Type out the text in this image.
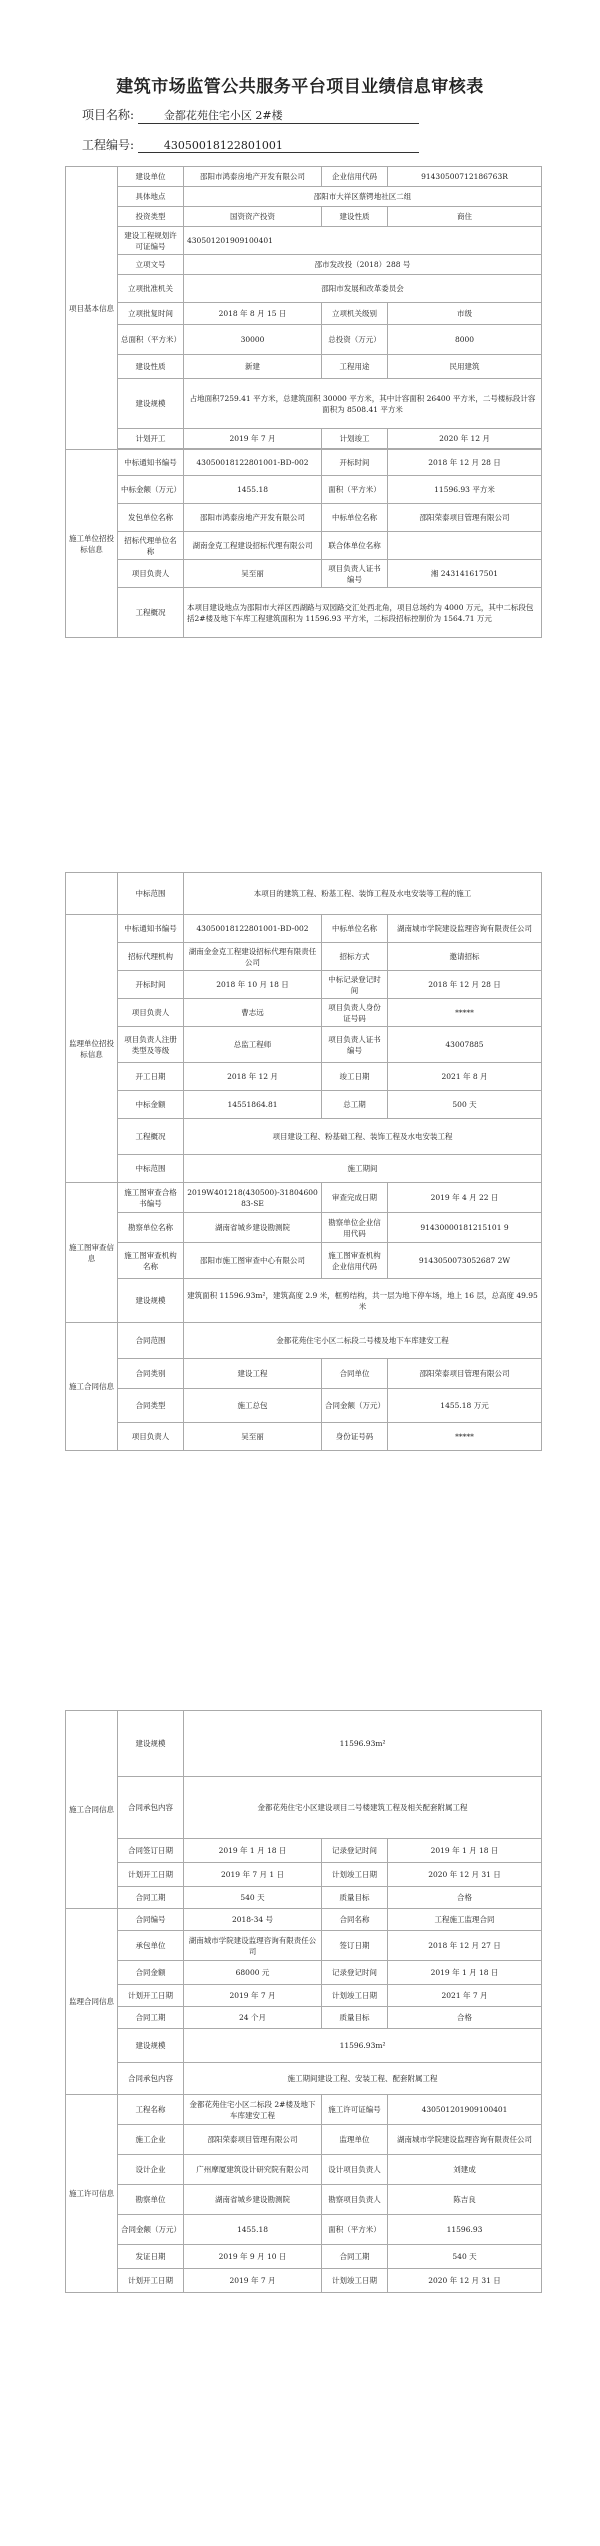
建筑市场监管公共服务平台项目业绩信息审核表
项目名称:	金都花苑住宅小区 2#楼
工程编号:	43050018122801001
项目基本信息	建设单位	邵阳市鸿泰房地产开发有限公司	企业信用代码	91430500712186763R
	具体地点	邵阳市大祥区蔡锷地社区二组		
	投资类型	国资资产投资	建设性质	商住
	建设工程规划许可证编号	430501201909100401		
	立项文号	邵市发改投（2018）288 号		
	立项批准机关	邵阳市发展和改革委员会		
	立项批复时间	2018 年 8 月 15 日	立项机关级别	市级
	总面积（平方米）	30000	总投资（万元）	8000
	建设性质	新建	工程用途	民用建筑
	建设规模	占地面积7259.41 平方米，总建筑面积 30000 平方米，其中计容面积 26400 平方米，二号楼标段计容面积为 8508.41 平方米		
	计划开工	2019 年 7 月	计划竣工	2020 年 12 月

施工单位招投标信息	中标通知书编号	43050018122801001-BD-002	开标时间	2018 年 12 月 28 日
	中标金额（万元）	1455.18	面积（平方米）	11596.93 平方米
	发包单位名称	邵阳市鸿泰房地产开发有限公司	中标单位名称	邵阳荣泰项目管理有限公司
	招标代理单位名称	湖南金克工程建设招标代理有限公司	联合体单位名称	
	项目负责人	吴至丽	项目负责人证书编号	湘 243141617501
	工程概况	本项目建设地点为邵阳市大祥区西湖路与双园路交汇处西北角，项目总场约为 4000 万元，其中二标段包括2#楼及地下车库工程建筑面积为 11596.93 平方米，二标段招标控制价为 1564.71 万元		
	中标范围	本项目的建筑工程、粉基工程、装饰工程及水电安装等工程的施工		
监理单位招投标信息	中标通知书编号	43050018122801001-BD-002	中标单位名称	湖南城市学院建设监理咨询有限责任公司
	招标代理机构	湖南金金克工程建设招标代理有限责任公司	招标方式	邀请招标
	开标时间	2018 年 10 月 18 日	中标记录登记时间	2018 年 12 月 28 日
	项目负责人	曹志远	项目负责人身份证号码	*****
	项目负责人注册类型及等级	总监工程师	项目负责人证书编号	43007885
	开工日期	2018 年 12 月	竣工日期	2021 年 8 月
	中标金额	14551864.81	总工期	500 天
	工程概况	项目建设工程、粉基础工程、装饰工程及水电安装工程		
	中标范围	施工期间		
施工图审查信息	施工图审查合格书编号	2019W401218(430500)-31804600 83-SE	审查完成日期	2019 年 4 月 22 日
	勘察单位名称	湖南省城乡建设勘测院	勘察单位企业信用代码	91430000181215101 9
	施工图审查机构名称	邵阳市施工图审查中心有限公司	施工图审查机构企业信用代码	9143050073052687 2W
	建设规模	建筑面积 11596.93m²，建筑高度 2.9 米，框剪结构，共一层为地下停车场，地上 16 层，总高度 49.95 米		
施工合同信息	合同范围	金都花苑住宅小区二标段二号楼及地下车库建安工程		
	合同类别	建设工程	合同单位	邵阳荣泰项目管理有限公司
	合同类型	施工总包	合同金额（万元）	1455.18 万元
	项目负责人	吴至丽	身份证号码	*****
施工合同信息	建设规模	11596.93m²		
	合同承包内容	金都花苑住宅小区建设项目二号楼建筑工程及相关配套附属工程		
	合同签订日期	2019 年 1 月 18 日	记录登记时间	2019 年 1 月 18 日
	计划开工日期	2019 年 7 月 1 日	计划竣工日期	2020 年 12 月 31 日
	合同工期	540 天	质量目标	合格
监理合同信息	合同编号	2018-34 号	合同名称	工程施工监理合同
	承包单位	湖南城市学院建设监理咨询有限责任公司	签订日期	2018 年 12 月 27 日
	合同金额	68000 元	记录登记时间	2019 年 1 月 18 日
	计划开工日期	2019 年 7 月	计划竣工日期	2021 年 7 月
	合同工期	24 个月	质量目标	合格
	建设规模	11596.93m²		
	合同承包内容	施工期间建设工程、安装工程、配套附属工程		
施工许可信息	工程名称	金都花苑住宅小区二标段 2#楼及地下车库建安工程	施工许可证编号	430501201909100401
	施工企业	邵阳荣泰项目管理有限公司	监理单位	湖南城市学院建设监理咨询有限责任公司
	设计企业	广州摩厦建筑设计研究院有限公司	设计项目负责人	刘建成
	勘察单位	湖南省城乡建设勘测院	勘察项目负责人	陈吉良
	合同金额（万元）	1455.18	面积（平方米）	11596.93
	发证日期	2019 年 9 月 10 日	合同工期	540 天
	计划开工日期	2019 年 7 月	计划竣工日期	2020 年 12 月 31 日
